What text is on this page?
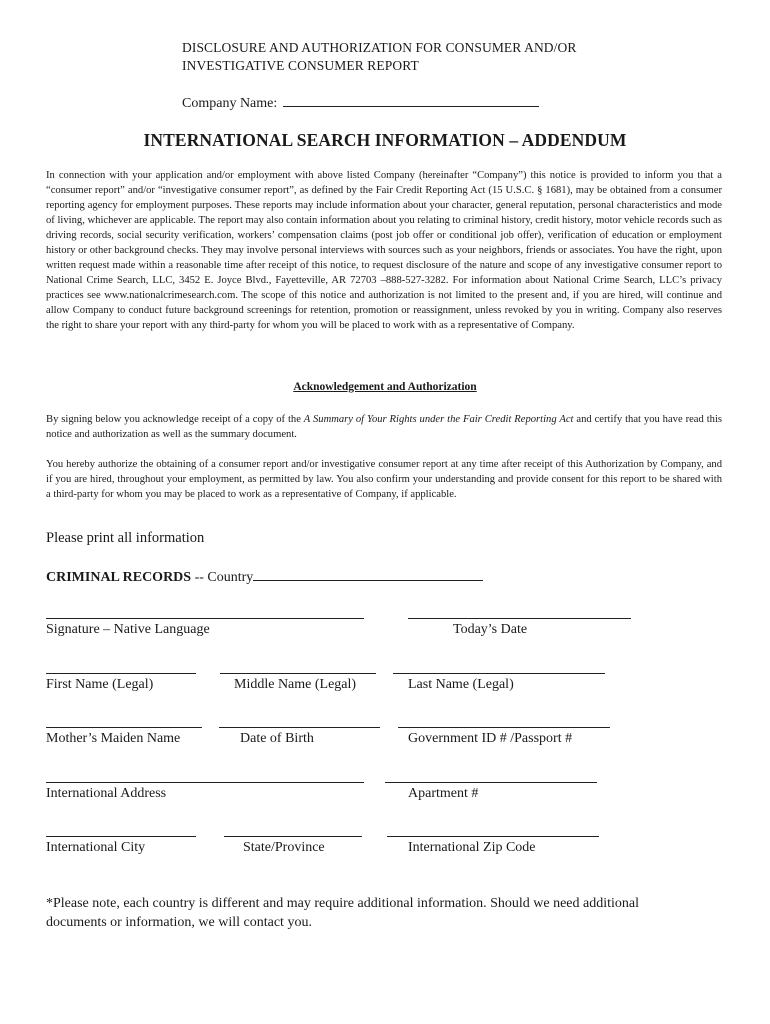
DISCLOSURE AND AUTHORIZATION FOR CONSUMER AND/OR
INVESTIGATIVE CONSUMER REPORT
Company Name:
INTERNATIONAL SEARCH INFORMATION – ADDENDUM
In connection with your application and/or employment with above listed Company (hereinafter “Company”) this notice is provided to inform you that a “consumer report” and/or “investigative consumer report”, as defined by the Fair Credit Reporting Act (15 U.S.C. § 1681), may be obtained from a consumer reporting agency for employment purposes. These reports may include information about your character, general reputation, personal characteristics and mode of living, whichever are applicable. The report may also contain information about you relating to criminal history, credit history, motor vehicle records such as driving records, social security verification, workers’ compensation claims (post job offer or conditional job offer), verification of education or employment history or other background checks. They may involve personal interviews with sources such as your neighbors, friends or associates. You have the right, upon written request made within a reasonable time after receipt of this notice, to request disclosure of the nature and scope of any investigative consumer report to National Crime Search, LLC, 3452 E. Joyce Blvd., Fayetteville, AR 72703 –888-527-3282. For information about National Crime Search, LLC’s privacy practices see www.nationalcrimesearch.com. The scope of this notice and authorization is not limited to the present and, if you are hired, will continue and allow Company to conduct future background screenings for retention, promotion or reassignment, unless revoked by you in writing. Company also reserves the right to share your report with any third-party for whom you will be placed to work with as a representative of Company.
Acknowledgement and Authorization
By signing below you acknowledge receipt of a copy of the A Summary of Your Rights under the Fair Credit Reporting Act and certify that you have read this notice and authorization as well as the summary document.
You hereby authorize the obtaining of a consumer report and/or investigative consumer report at any time after receipt of this Authorization by Company, and if you are hired, throughout your employment, as permitted by law. You also confirm your understanding and provide consent for this report to be shared with a third-party for whom you may be placed to work as a representative of Company, if applicable.
Please print all information
CRIMINAL RECORDS -- Country
Signature – Native Language	Today’s Date
First Name (Legal)	Middle Name (Legal)	Last Name (Legal)
Mother’s Maiden Name	Date of Birth	Government ID # /Passport #
International Address	Apartment #
International City	State/Province	International Zip Code
*Please note, each country is different and may require additional information. Should we need additional documents or information, we will contact you.
